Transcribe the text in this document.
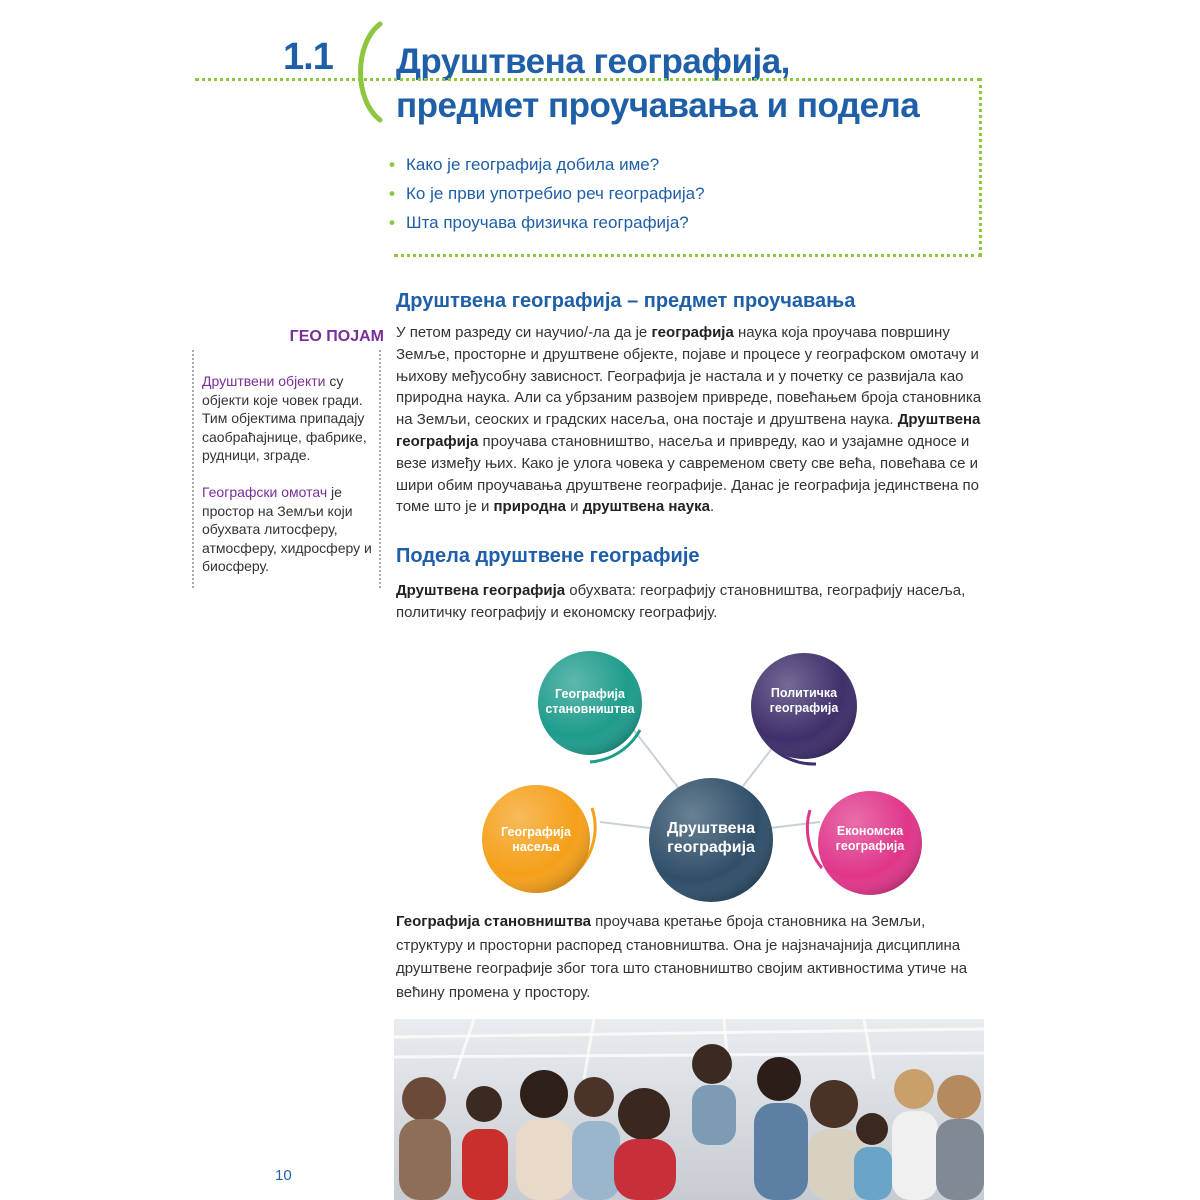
1.1 Друштвена географија,
предмет проучавања и подела
• Како је географија добила име?
• Ко је први употребио реч географија?
• Шта проучава физичка географија?
ГЕО ПОЈАМ
Друштвени објекти су објекти које човек гради. Тим објектима припадају саобраћајнице, фабрике, рудници, зграде.
Географски омотач је простор на Земљи који обухвата литосферу, атмосферу, хидросферу и биосферу.
Друштвена географија – предмет проучавања

У петом разреду си научио/-ла да је географија наука која проучава површину Земље, просторне и друштвене објекте, појаве и процесе у географском омотачу и њихову међусобну зависност. Географија је настала и у почетку се развијала као природна наука. Али са убрзаним развојем привреде, повећањем броја становника на Земљи, сеоских и градских насеља, она постаје и друштвена наука. Друштвена географија проучава становништво, насеља и привреду, као и узајамне односе и везе између њих. Како је улога човека у савременом свету све већа, повећава се и шири обим проучавања друштвене географије. Данас је географија јединствена по томе што је и природна и друштвена наука.

Подела друштвене географије

Друштвена географија обухвата: географију становништва, географију насеља, политичку географију и економску географију.

Географија
становништва
Политичка
географија
Географија
насеља
Економска
географија
Друштвена
географија

Географија становништва проучава кретање броја становника на Земљи, структуру и просторни распоред становништва. Она је најзначајнија дисциплина друштвене географије због тога што становништво својим активностима утиче на већину промена у простору.

10
